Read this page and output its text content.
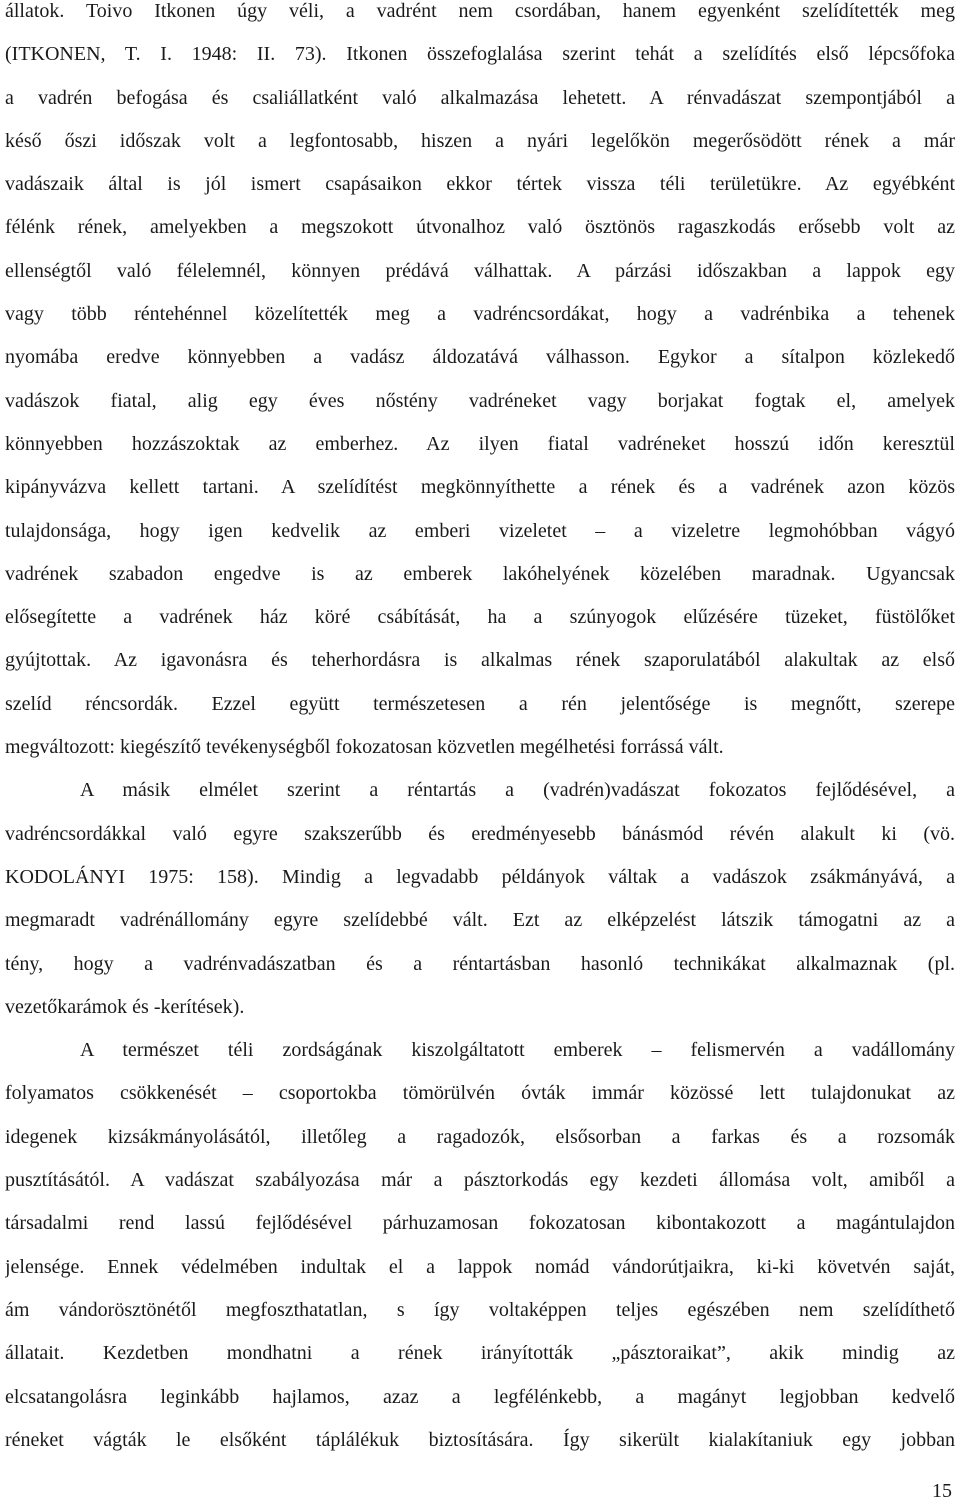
állatok. Toivo Itkonen úgy véli, a vadrént nem csordában, hanem egyenként szelídítették meg
(ITKONEN, T. I. 1948: II. 73). Itkonen összefoglalása szerint tehát a szelídítés első lépcsőfoka
a vadrén befogása és csaliállatként való alkalmazása lehetett. A rénvadászat szempontjából a
késő őszi időszak volt a legfontosabb, hiszen a nyári legelőkön megerősödött rének a már
vadászaik által is jól ismert csapásaikon ekkor tértek vissza téli területükre. Az egyébként
félénk rének, amelyekben a megszokott útvonalhoz való ösztönös ragaszkodás erősebb volt az
ellenségtől való félelemnél, könnyen prédává válhattak. A párzási időszakban a lappok egy
vagy több réntehénnel közelítették meg a vadréncsordákat, hogy a vadrénbika a tehenek
nyomába eredve könnyebben a vadász áldozatává válhasson. Egykor a sítalpon közlekedő
vadászok fiatal, alig egy éves nőstény vadréneket vagy borjakat fogtak el, amelyek
könnyebben hozzászoktak az emberhez. Az ilyen fiatal vadréneket hosszú időn keresztül
kipányvázva kellett tartani. A szelídítést megkönnyíthette a rének és a vadrének azon közös
tulajdonsága, hogy igen kedvelik az emberi vizeletet – a vizeletre legmohóbban vágyó
vadrének szabadon engedve is az emberek lakóhelyének közelében maradnak. Ugyancsak
elősegítette a vadrének ház köré csábítását, ha a szúnyogok elűzésére tüzeket, füstölőket
gyújtottak. Az igavonásra és teherhordásra is alkalmas rének szaporulatából alakultak az első
szelíd réncsordák. Ezzel együtt természetesen a rén jelentősége is megnőtt, szerepe
megváltozott: kiegészítő tevékenységből fokozatosan közvetlen megélhetési forrássá vált.
A másik elmélet szerint a réntartás a (vadrén)vadászat fokozatos fejlődésével, a
vadréncsordákkal való egyre szakszerűbb és eredményesebb bánásmód révén alakult ki (vö.
KODOLÁNYI 1975: 158). Mindig a legvadabb példányok váltak a vadászok zsákmányává, a
megmaradt vadrénállomány egyre szelídebbé vált. Ezt az elképzelést látszik támogatni az a
tény, hogy a vadrénvadászatban és a réntartásban hasonló technikákat alkalmaznak (pl.
vezetőkarámok és -kerítések).
A természet téli zordságának kiszolgáltatott emberek – felismervén a vadállomány
folyamatos csökkenését – csoportokba tömörülvén óvták immár közössé lett tulajdonukat az
idegenek kizsákmányolásától, illetőleg a ragadozók, elsősorban a farkas és a rozsomák
pusztításától. A vadászat szabályozása már a pásztorkodás egy kezdeti állomása volt, amiből a
társadalmi rend lassú fejlődésével párhuzamosan fokozatosan kibontakozott a magántulajdon
jelensége. Ennek védelmében indultak el a lappok nomád vándorútjaikra, ki-ki követvén saját,
ám vándorösztönétől megfoszthatatlan, s így voltaképpen teljes egészében nem szelídíthető
állatait. Kezdetben mondhatni a rének irányították „pásztoraikat”, akik mindig az
elcsatangolásra leginkább hajlamos, azaz a legfélénkebb, a magányt legjobban kedvelő
réneket vágták le elsőként táplálékuk biztosítására. Így sikerült kialakítaniuk egy jobban
15
